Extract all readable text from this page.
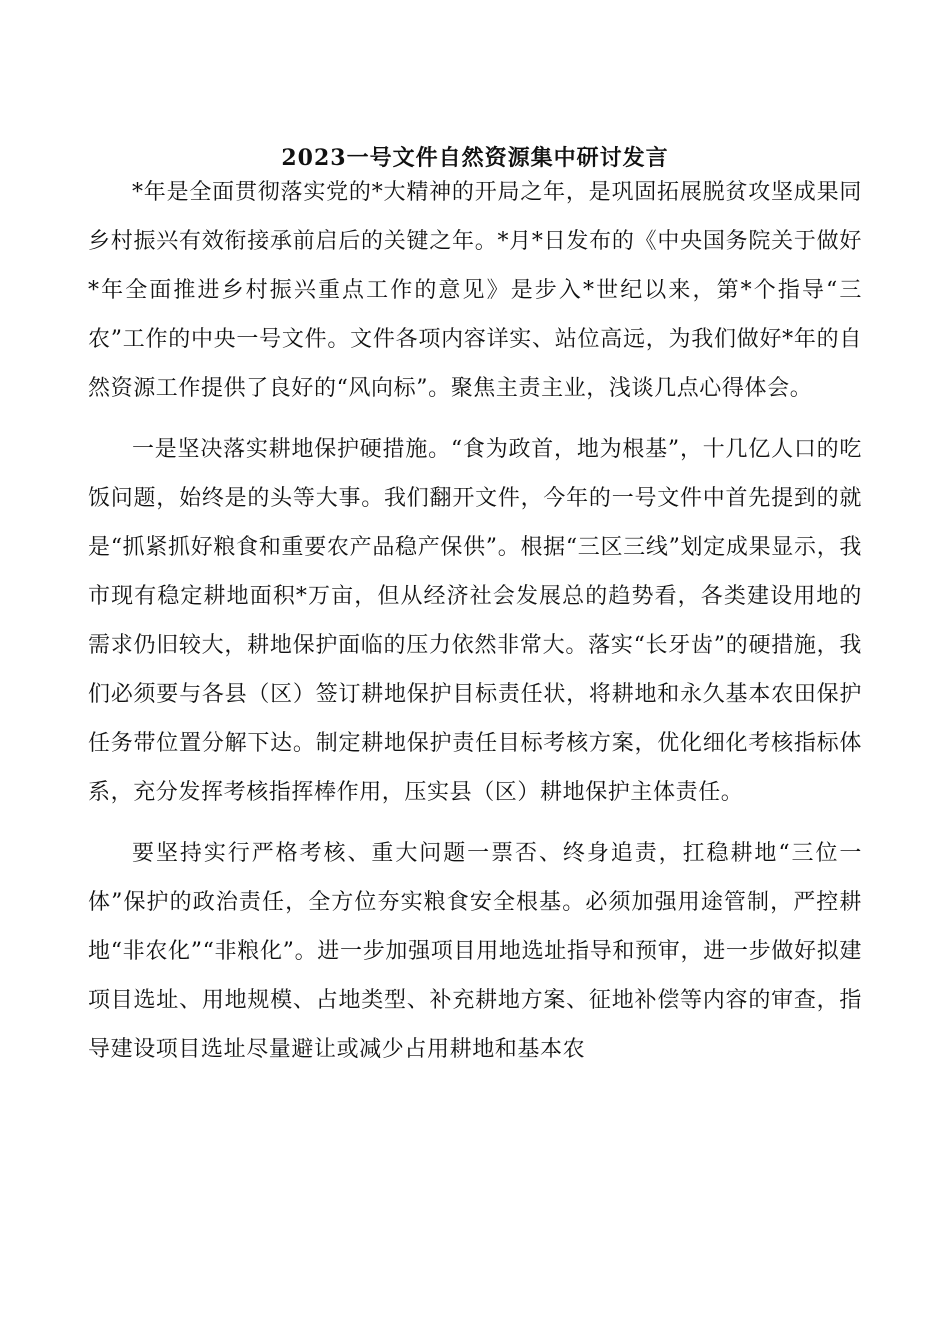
2023一号文件自然资源集中研讨发言

*年是全面贯彻落实党的*大精神的开局之年，是巩固拓展脱贫攻坚成果同乡村振兴有效衔接承前启后的关键之年。*月*日发布的《中央国务院关于做好*年全面推进乡村振兴重点工作的意见》是步入*世纪以来，第*个指导“三农”工作的中央一号文件。文件各项内容详实、站位高远，为我们做好*年的自然资源工作提供了良好的“风向标”。聚焦主责主业，浅谈几点心得体会。

一是坚决落实耕地保护硬措施。“食为政首，地为根基”，十几亿人口的吃饭问题，始终是的头等大事。我们翻开文件，今年的一号文件中首先提到的就是“抓紧抓好粮食和重要农产品稳产保供”。根据“三区三线”划定成果显示，我市现有稳定耕地面积*万亩，但从经济社会发展总的趋势看，各类建设用地的需求仍旧较大，耕地保护面临的压力依然非常大。落实“长牙齿”的硬措施，我们必须要与各县（区）签订耕地保护目标责任状，将耕地和永久基本农田保护任务带位置分解下达。制定耕地保护责任目标考核方案，优化细化考核指标体系，充分发挥考核指挥棒作用，压实县（区）耕地保护主体责任。

要坚持实行严格考核、重大问题一票否、终身追责，扛稳耕地“三位一体”保护的政治责任，全方位夯实粮食安全根基。必须加强用途管制，严控耕地“非农化”“非粮化”。进一步加强项目用地选址指导和预审，进一步做好拟建项目选址、用地规模、占地类型、补充耕地方案、征地补偿等内容的审查，指导建设项目选址尽量避让或减少占用耕地和基本农
